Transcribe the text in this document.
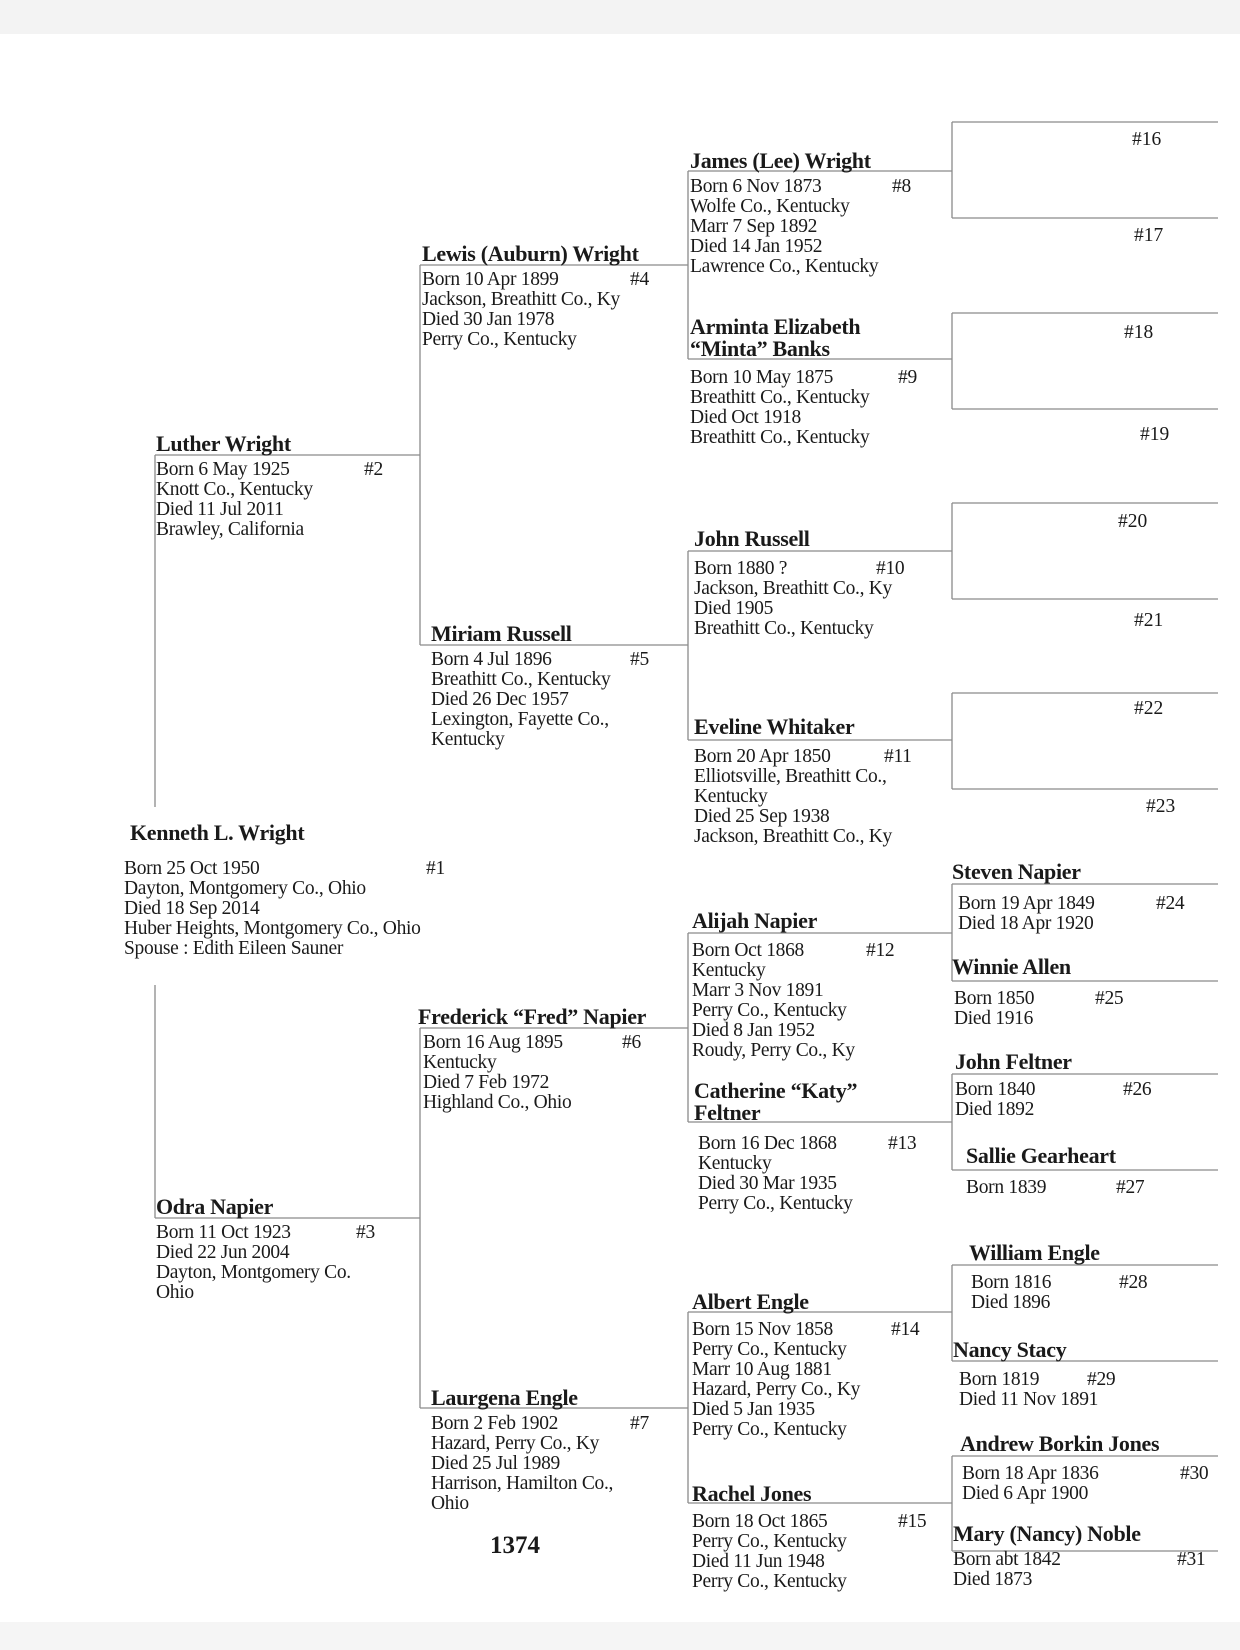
Kenneth L. Wright
Born 25 Oct 1950
Dayton, Montgomery Co., Ohio
Died 18 Sep 2014
Huber Heights, Montgomery Co., Ohio
Spouse : Edith Eileen Sauner
#1
Luther Wright
Born 6 May 1925
Knott Co., Kentucky
Died 11 Jul 2011
Brawley, California
#2
Odra Napier
Born 11 Oct 1923
Died 22 Jun 2004
Dayton, Montgomery Co.
Ohio
#3
Lewis (Auburn) Wright
Born 10 Apr 1899
Jackson, Breathitt Co., Ky
Died 30 Jan 1978
Perry Co., Kentucky
#4
Miriam Russell
Born 4 Jul 1896
Breathitt Co., Kentucky
Died 26 Dec 1957
Lexington, Fayette Co.,
Kentucky
#5
Frederick “Fred” Napier
Born 16 Aug 1895
Kentucky
Died 7 Feb 1972
Highland Co., Ohio
#6
Laurgena Engle
Born 2 Feb 1902
Hazard, Perry Co., Ky
Died 25 Jul 1989
Harrison, Hamilton Co.,
Ohio
#7
James (Lee) Wright
Born 6 Nov 1873
Wolfe Co., Kentucky
Marr 7 Sep 1892
Died 14 Jan 1952
Lawrence Co., Kentucky
#8
Arminta Elizabeth
“Minta” Banks
Born 10 May 1875
Breathitt Co., Kentucky
Died Oct 1918
Breathitt Co., Kentucky
#9
John Russell
Born 1880 ?
Jackson, Breathitt Co., Ky
Died 1905
Breathitt Co., Kentucky
#10
Eveline Whitaker
Born 20 Apr 1850
Elliotsville, Breathitt Co.,
Kentucky
Died 25 Sep 1938
Jackson, Breathitt Co., Ky
#11
Alijah Napier
Born Oct 1868
Kentucky
Marr 3 Nov 1891
Perry Co., Kentucky
Died 8 Jan 1952
Roudy, Perry Co., Ky
#12
Catherine “Katy”
Feltner
Born 16 Dec 1868
Kentucky
Died 30 Mar 1935
Perry Co., Kentucky
#13
Albert Engle
Born 15 Nov 1858
Perry Co., Kentucky
Marr 10 Aug 1881
Hazard, Perry Co., Ky
Died 5 Jan 1935
Perry Co., Kentucky
#14
Rachel Jones
Born 18 Oct 1865
Perry Co., Kentucky
Died 11 Jun 1948
Perry Co., Kentucky
#15
Steven Napier
Born 19 Apr 1849
Died 18 Apr 1920
#24
Winnie Allen
Born 1850
Died 1916
#25
John Feltner
Born 1840
Died 1892
#26
Sallie Gearheart
Born 1839	#27
William Engle
Born 1816
Died 1896
#28
Nancy Stacy
Born 1819
Died 11 Nov 1891
#29
Andrew Borkin Jones
Born 18 Apr 1836
Died 6 Apr 1900
#30
Mary (Nancy) Noble
Born abt 1842
Died 1873
#31
#16
#17
#18
#19
#20
#21
#22
#23
1374
